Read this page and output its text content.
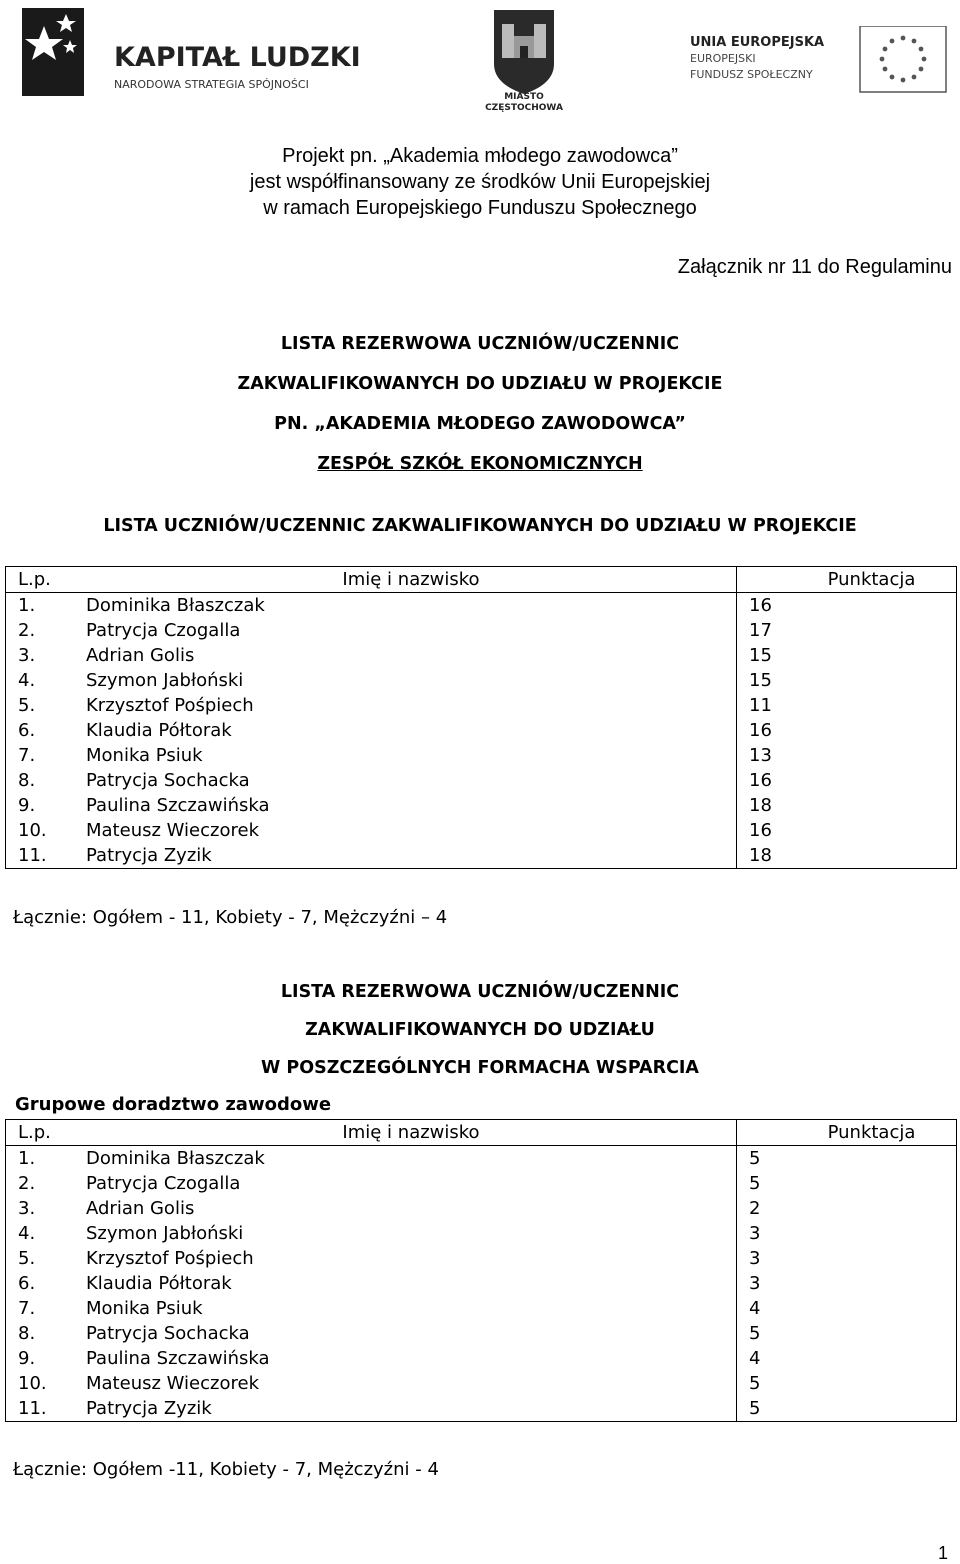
KAPITAŁ LUDZKI
NARODOWA STRATEGIA SPÓJNOŚCI
MIASTO
CZĘSTOCHOWA
UNIA EUROPEJSKA
EUROPEJSKI
FUNDUSZ SPOŁECZNY
Projekt pn. „Akademia młodego zawodowca”
jest współfinansowany ze środków Unii Europejskiej
w ramach Europejskiego Funduszu Społecznego
Załącznik nr 11 do Regulaminu
LISTA REZERWOWA UCZNIÓW/UCZENNIC
ZAKWALIFIKOWANYCH DO UDZIAŁU W PROJEKCIE
PN. „AKADEMIA MŁODEGO ZAWODOWCA”
ZESPÓŁ SZKÓŁ EKONOMICZNYCH
LISTA UCZNIÓW/UCZENNIC ZAKWALIFIKOWANYCH DO UDZIAŁU W PROJEKCIE
L.p.	Imię i nazwisko	Punktacja
1.	Dominika Błaszczak	16
2.	Patrycja Czogalla	17
3.	Adrian Golis	15
4.	Szymon Jabłoński	15
5.	Krzysztof Pośpiech	11
6.	Klaudia Półtorak	16
7.	Monika Psiuk	13
8.	Patrycja Sochacka	16
9.	Paulina Szczawińska	18
10.	Mateusz Wieczorek	16
11.	Patrycja Zyzik	18
Łącznie: Ogółem - 11, Kobiety - 7, Mężczyźni – 4
LISTA REZERWOWA UCZNIÓW/UCZENNIC
ZAKWALIFIKOWANYCH DO UDZIAŁU
W POSZCZEGÓLNYCH FORMACHA WSPARCIA
Grupowe doradztwo zawodowe
L.p.	Imię i nazwisko	Punktacja
1.	Dominika Błaszczak	5
2.	Patrycja Czogalla	5
3.	Adrian Golis	2
4.	Szymon Jabłoński	3
5.	Krzysztof Pośpiech	3
6.	Klaudia Półtorak	3
7.	Monika Psiuk	4
8.	Patrycja Sochacka	5
9.	Paulina Szczawińska	4
10.	Mateusz Wieczorek	5
11.	Patrycja Zyzik	5
Łącznie: Ogółem -11, Kobiety - 7, Mężczyźni - 4
1
